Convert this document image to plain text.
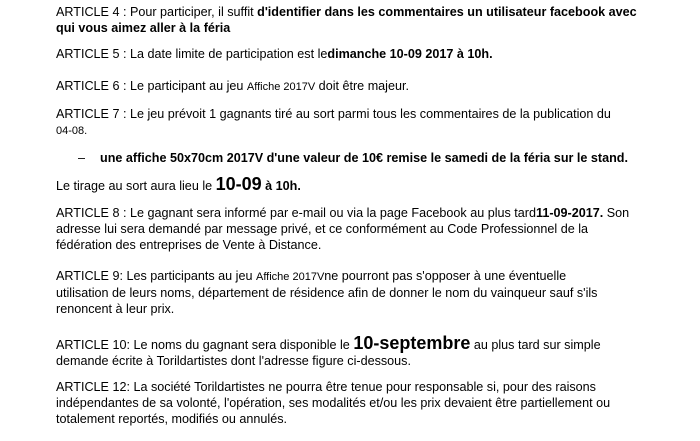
ARTICLE 4 : Pour participer, il suffit d'identifier dans les commentaires un utilisateur facebook avec
qui vous aimez aller à la féria

ARTICLE 5 : La date limite de participation est ledimanche 10-09 2017 à 10h.

ARTICLE 6 : Le participant au jeu Affiche 2017V doit être majeur.

ARTICLE 7 : Le jeu prévoit 1 gagnants tiré au sort parmi tous les commentaires de la publication du
04-08.

– une affiche 50x70cm 2017V d'une valeur de 10€ remise le samedi de la féria sur le stand.

Le tirage au sort aura lieu le 10-09 à 10h.

ARTICLE 8 : Le gagnant sera informé par e-mail ou via la page Facebook au plus tard11-09-2017. Son
adresse lui sera demandé par message privé, et ce conformément au Code Professionnel de la
fédération des entreprises de Vente à Distance.

ARTICLE 9: Les participants au jeu Affiche 2017Vne pourront pas s'opposer à une éventuelle
utilisation de leurs noms, département de résidence afin de donner le nom du vainqueur sauf s'ils
renoncent à leur prix.

ARTICLE 10: Le noms du gagnant sera disponible le 10-septembre au plus tard sur simple
demande écrite à Torildartistes dont l'adresse figure ci-dessous.

ARTICLE 12: La société Torildartistes ne pourra être tenue pour responsable si, pour des raisons
indépendantes de sa volonté, l'opération, ses modalités et/ou les prix devaient être partiellement ou
totalement reportés, modifiés ou annulés.
